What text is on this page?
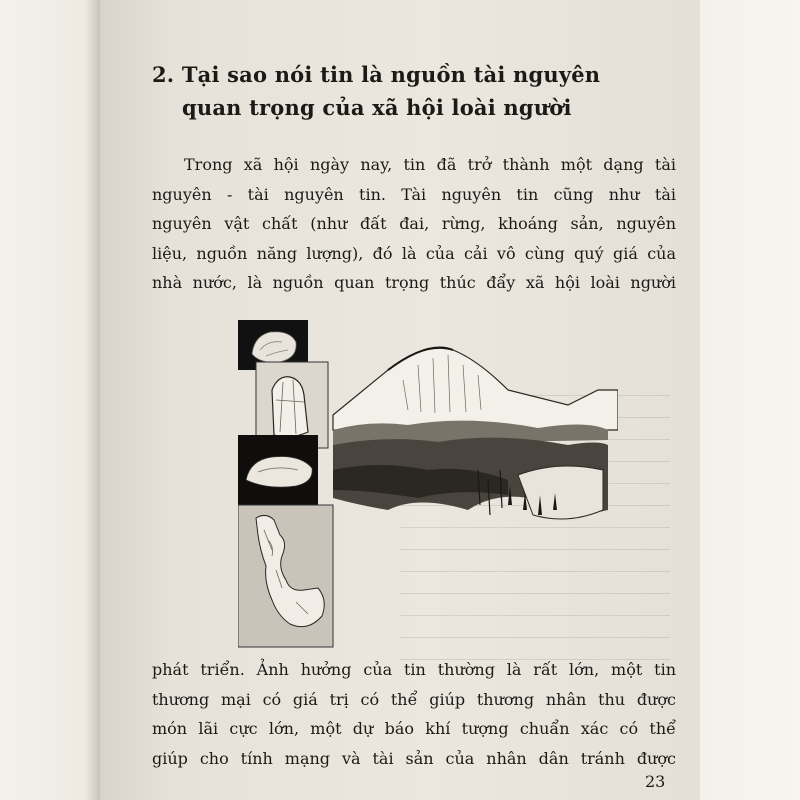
2. Tại sao nói tin là nguồn tài nguyên
quan trọng của xã hội loài người
Trong xã hội ngày nay, tin đã trở thành một dạng tài
nguyên - tài nguyên tin. Tài nguyên tin cũng như tài
nguyên vật chất (như đất đai, rừng, khoáng sản, nguyên
liệu, nguồn năng lượng), đó là của cải vô cùng quý giá của
nhà nước, là nguồn quan trọng thúc đẩy xã hội loài người
phát triển. Ảnh hưởng của tin thường là rất lớn, một tin
thương mại có giá trị có thể giúp thương nhân thu được
món lãi cực lớn, một dự báo khí tượng chuẩn xác có thể
giúp cho tính mạng và tài sản của nhân dân tránh được
23
